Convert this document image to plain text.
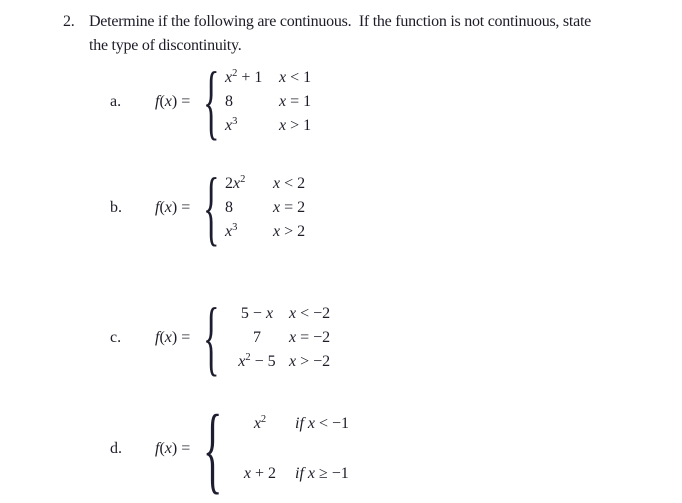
2. Determine if the following are continuous.  If the function is not continuous, state
the type of discontinuity.
a.	f(x) = { $x^2 + 1$	x < 1
8	x = 1
$x^3$	x > 1
b.	f(x) = { $2x^2$	x < 2
8	x = 2
$x^3$	x > 2
c.	f(x) = {	5 − x x < −2
7	x = −2
$x^2 - 5$ x > −2
d.	f(x) = {	$x^2$	if x < −1
x + 2	if x ≥ −1
